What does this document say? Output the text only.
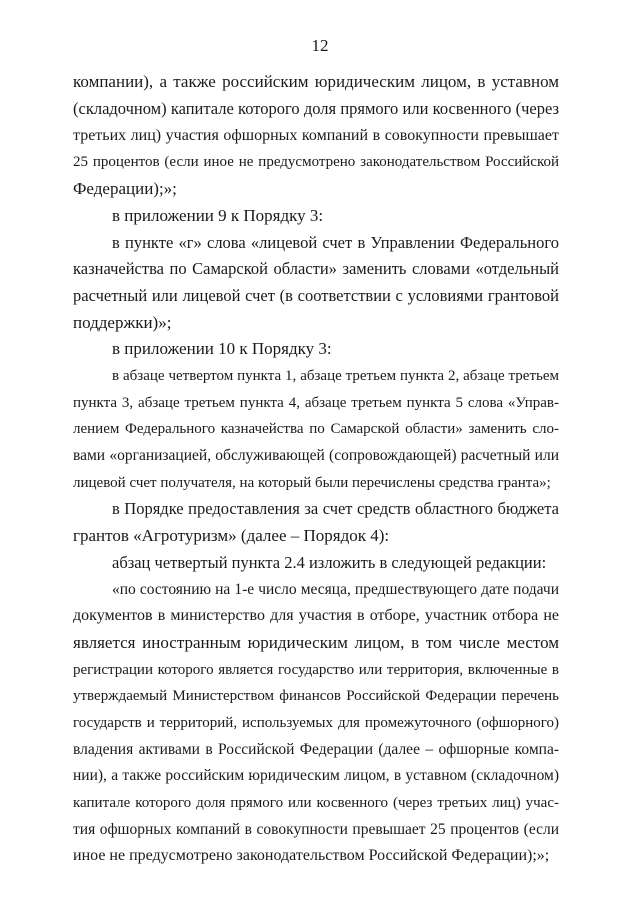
12
компании), а также российским юридическим лицом, в уставном
(складочном) капитале которого доля прямого или косвенного (через
третьих лиц) участия офшорных компаний в совокупности превышает
25 процентов (если иное не предусмотрено законодательством Российской
Федерации);»;
в приложении 9 к Порядку 3:
в пункте «г» слова «лицевой счет в Управлении Федерального
казначейства по Самарской области» заменить словами «отдельный
расчетный или лицевой счет (в соответствии с условиями грантовой
поддержки)»;
в приложении 10 к Порядку 3:
в абзаце четвертом пункта 1, абзаце третьем пункта 2, абзаце третьем
пункта 3, абзаце третьем пункта 4, абзаце третьем пункта 5 слова «Управ-
лением Федерального казначейства по Самарской области» заменить сло-
вами «организацией, обслуживающей (сопровождающей) расчетный или
лицевой счет получателя, на который были перечислены средства гранта»;
в Порядке предоставления за счет средств областного бюджета
грантов «Агротуризм» (далее – Порядок 4):
абзац четвертый пункта 2.4 изложить в следующей редакции:
«по состоянию на 1-е число месяца, предшествующего дате подачи
документов в министерство для участия в отборе, участник отбора не
является иностранным юридическим лицом, в том числе местом
регистрации которого является государство или территория, включенные в
утверждаемый Министерством финансов Российской Федерации перечень
государств и территорий, используемых для промежуточного (офшорного)
владения активами в Российской Федерации (далее – офшорные компа-
нии), а также российским юридическим лицом, в уставном (складочном)
капитале которого доля прямого или косвенного (через третьих лиц) учас-
тия офшорных компаний в совокупности превышает 25 процентов (если
иное не предусмотрено законодательством Российской Федерации);»;
